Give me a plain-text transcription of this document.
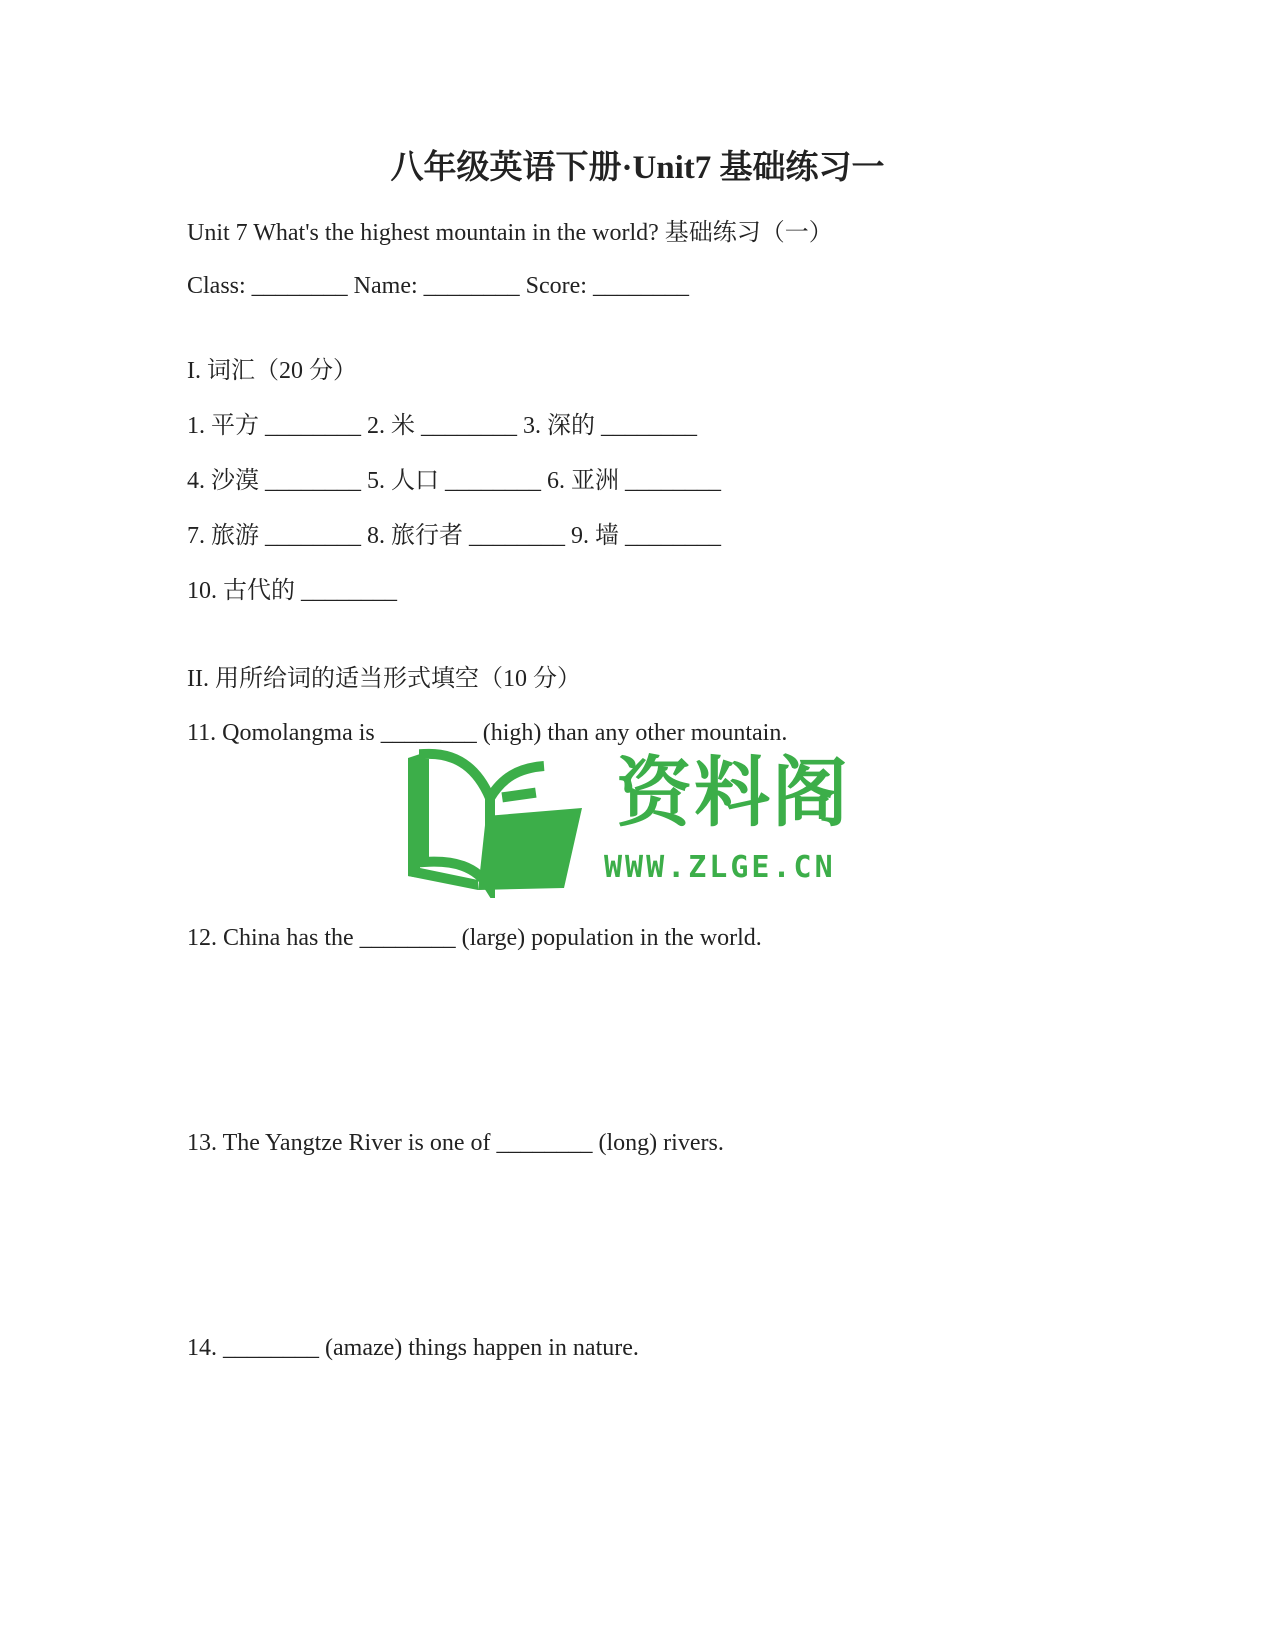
八年级英语下册·Unit7 基础练习一
Unit 7 What's the highest mountain in the world? 基础练习（一）
Class: ________ Name: ________ Score: ________
I. 词汇（20 分）
1. 平方 ________ 2. 米 ________ 3. 深的 ________
4. 沙漠 ________ 5. 人口 ________ 6. 亚洲 ________
7. 旅游 ________ 8. 旅行者 ________ 9. 墙 ________
10. 古代的 ________
II. 用所给词的适当形式填空（10 分）
11. Qomolangma is ________ (high) than any other mountain.
12. China has the ________ (large) population in the world.
13. The Yangtze River is one of ________ (long) rivers.
14. ________ (amaze) things happen in nature.
资料阁
WWW.ZLGE.CN
